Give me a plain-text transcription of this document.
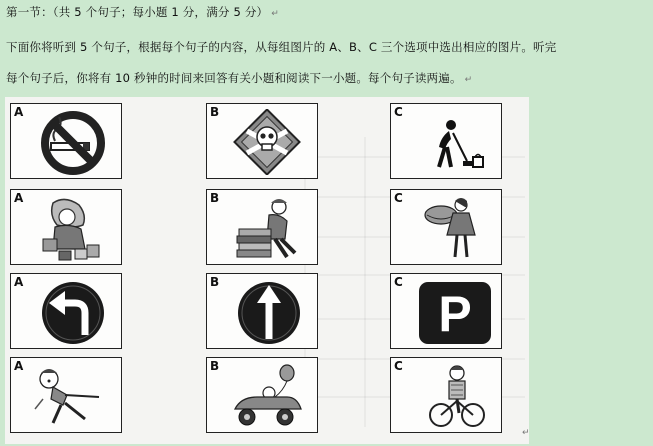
第一节：（共 5 个句子；每小题 1 分，满分 5 分） ↵
下面你将听到 5 个句子，根据每个句子的内容，从每组图片的 A、B、C 三个选项中选出相应的图片。听完
每个句子后，你将有 10 秒钟的时间来回答有关小题和阅读下一小题。每个句子读两遍。 ↵
A	B	C
A	B	C
A	B	C
P
A	B	C
↵
